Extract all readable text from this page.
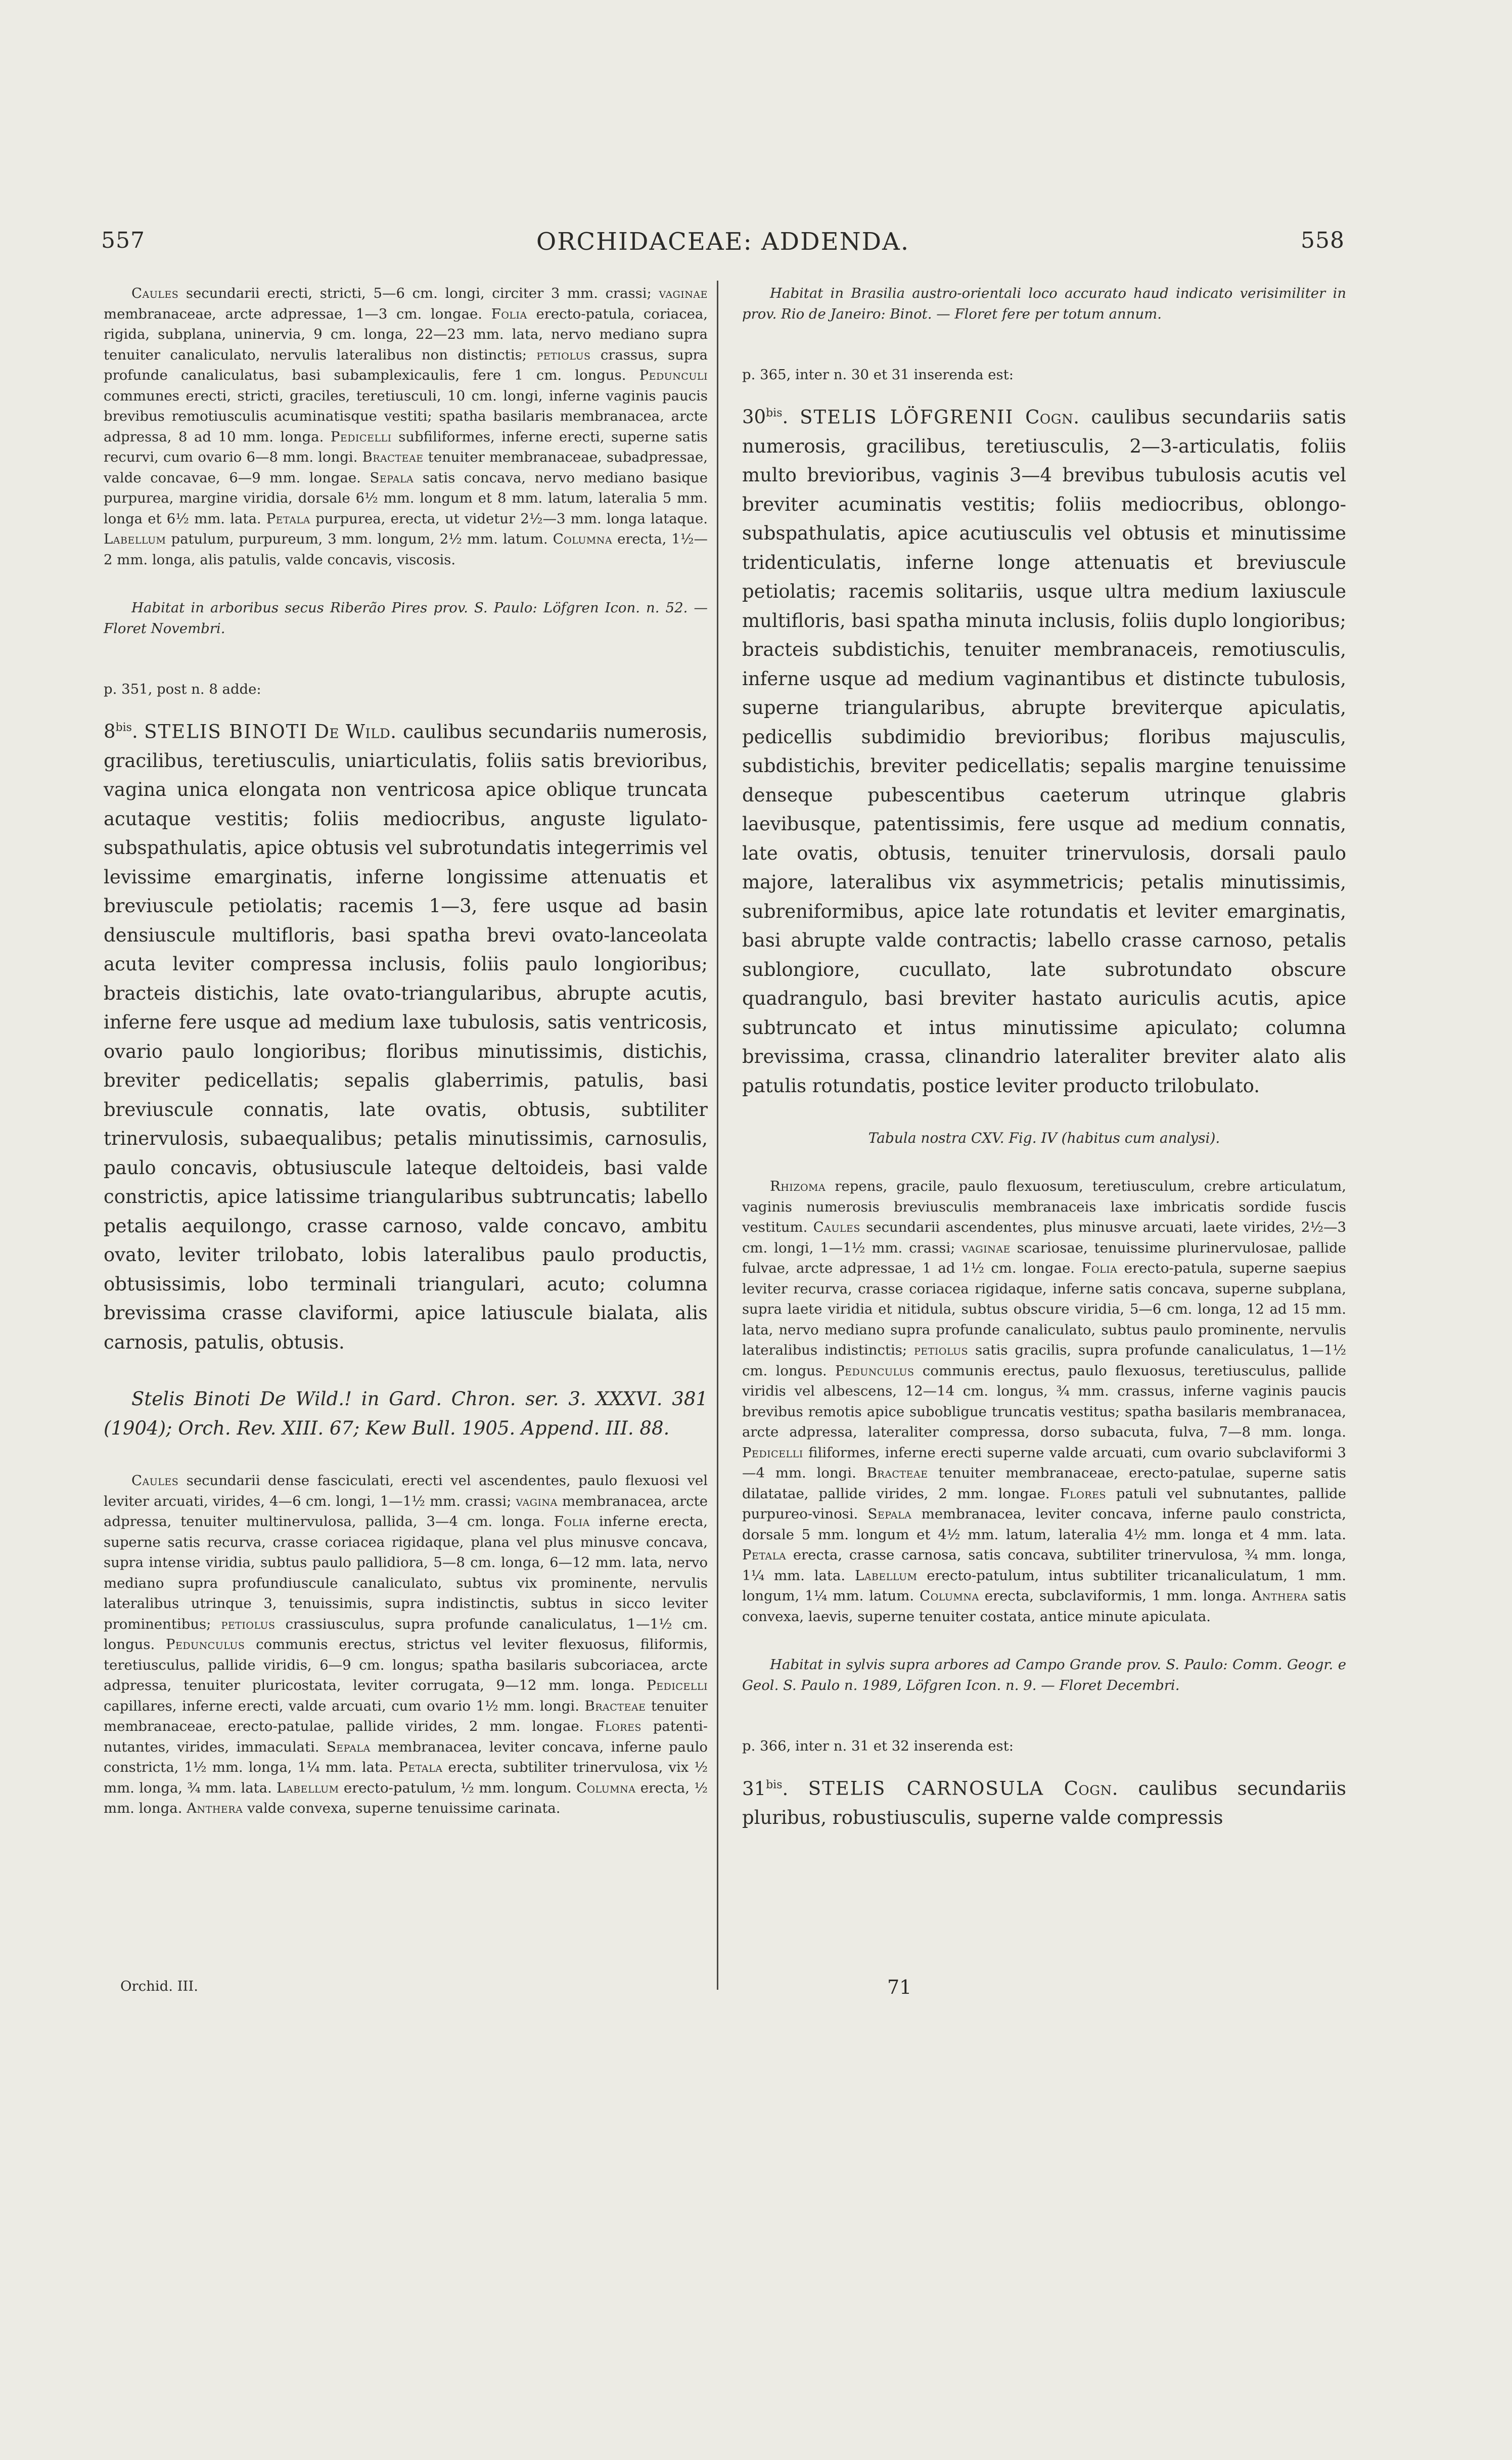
557	ORCHIDACEAE: ADDENDA.	558

Caules secundarii erecti, stricti, 5—6 cm. longi, circiter 3 mm. crassi; vaginae membranaceae, arcte adpressae, 1—3 cm. longae. Folia erecto-patula, coriacea, rigida, subplana, uninervia, 9 cm. longa, 22—23 mm. lata, nervo mediano supra tenuiter canaliculato, nervulis lateralibus non distinctis; petiolus crassus, supra profunde canaliculatus, basi subamplexicaulis, fere 1 cm. longus. Pedunculi communes erecti, stricti, graciles, teretiusculi, 10 cm. longi, inferne vaginis paucis brevibus remotiusculis acuminatisque vestiti; spatha basilaris membranacea, arcte adpressa, 8 ad 10 mm. longa. Pedicelli subfiliformes, inferne erecti, superne satis recurvi, cum ovario 6—8 mm. longi. Bracteae tenuiter membranaceae, subadpressae, valde concavae, 6—9 mm. longae. Sepala satis concava, nervo mediano basique purpurea, margine viridia, dorsale 6½ mm. longum et 8 mm. latum, lateralia 5 mm. longa et 6½ mm. lata. Petala purpurea, erecta, ut videtur 2½—3 mm. longa lataque. Labellum patulum, purpureum, 3 mm. longum, 2½ mm. latum. Columna erecta, 1½—2 mm. longa, alis patulis, valde concavis, viscosis.

Habitat in arboribus secus Riberão Pires prov. S. Paulo: Löfgren Icon. n. 52. — Floret Novembri.

p. 351, post n. 8 adde:

$8^{bis}$. STELIS BINOTI De Wild. caulibus secundariis numerosis, gracilibus, teretiusculis, uniarticulatis, foliis satis brevioribus, vagina unica elongata non ventricosa apice oblique truncata acutaque vestitis; foliis mediocribus, anguste ligulato-subspathulatis, apice obtusis vel subrotundatis integerrimis vel levissime emarginatis, inferne longissime attenuatis et breviuscule petiolatis; racemis 1—3, fere usque ad basin densiuscule multifloris, basi spatha brevi ovato-lanceolata acuta leviter compressa inclusis, foliis paulo longioribus; bracteis distichis, late ovato-triangularibus, abrupte acutis, inferne fere usque ad medium laxe tubulosis, satis ventricosis, ovario paulo longioribus; floribus minutissimis, distichis, breviter pedicellatis; sepalis glaberrimis, patulis, basi breviuscule connatis, late ovatis, obtusis, subtiliter trinervulosis, subaequalibus; petalis minutissimis, carnosulis, paulo concavis, obtusiuscule lateque deltoideis, basi valde constrictis, apice latissime triangularibus subtruncatis; labello petalis aequilongo, crasse carnoso, valde concavo, ambitu ovato, leviter trilobato, lobis lateralibus paulo productis, obtusissimis, lobo terminali triangulari, acuto; columna brevissima crasse claviformi, apice latiuscule bialata, alis carnosis, patulis, obtusis.

Stelis Binoti De Wild.! in Gard. Chron. ser. 3. XXXVI. 381 (1904); Orch. Rev. XIII. 67; Kew Bull. 1905. Append. III. 88.

Caules secundarii dense fasciculati, erecti vel ascendentes, paulo flexuosi vel leviter arcuati, virides, 4—6 cm. longi, 1—1½ mm. crassi; vagina membranacea, arcte adpressa, tenuiter multinervulosa, pallida, 3—4 cm. longa. Folia inferne erecta, superne satis recurva, crasse coriacea rigidaque, plana vel plus minusve concava, supra intense viridia, subtus paulo pallidiora, 5—8 cm. longa, 6—12 mm. lata, nervo mediano supra profundiuscule canaliculato, subtus vix prominente, nervulis lateralibus utrinque 3, tenuissimis, supra indistinctis, subtus in sicco leviter prominentibus; petiolus crassiusculus, supra profunde canaliculatus, 1—1½ cm. longus. Pedunculus communis erectus, strictus vel leviter flexuosus, filiformis, teretiusculus, pallide viridis, 6—9 cm. longus; spatha basilaris subcoriacea, arcte adpressa, tenuiter pluricostata, leviter corrugata, 9—12 mm. longa. Pedicelli capillares, inferne erecti, valde arcuati, cum ovario 1½ mm. longi. Bracteae tenuiter membranaceae, erecto-patulae, pallide virides, 2 mm. longae. Flores patenti-nutantes, virides, immaculati. Sepala membranacea, leviter concava, inferne paulo constricta, 1½ mm. longa, 1¼ mm. lata. Petala erecta, subtiliter trinervulosa, vix ½ mm. longa, ¾ mm. lata. Labellum erecto-patulum, ½ mm. longum. Columna erecta, ½ mm. longa. Anthera valde convexa, superne tenuissime carinata.

Habitat in Brasilia austro-orientali loco accurato haud indicato verisimiliter in prov. Rio de Janeiro: Binot. — Floret fere per totum annum.

p. 365, inter n. 30 et 31 inserenda est:

$30^{bis}$. STELIS LÖFGRENII Cogn. caulibus secundariis satis numerosis, gracilibus, teretiusculis, 2—3-articulatis, foliis multo brevioribus, vaginis 3—4 brevibus tubulosis acutis vel breviter acuminatis vestitis; foliis mediocribus, oblongo-subspathulatis, apice acutiusculis vel obtusis et minutissime tridenticulatis, inferne longe attenuatis et breviuscule petiolatis; racemis solitariis, usque ultra medium laxiuscule multifloris, basi spatha minuta inclusis, foliis duplo longioribus; bracteis subdistichis, tenuiter membranaceis, remotiusculis, inferne usque ad medium vaginantibus et distincte tubulosis, superne triangularibus, abrupte breviterque apiculatis, pedicellis subdimidio brevioribus; floribus majusculis, subdistichis, breviter pedicellatis; sepalis margine tenuissime denseque pubescentibus caeterum utrinque glabris laevibusque, patentissimis, fere usque ad medium connatis, late ovatis, obtusis, tenuiter trinervulosis, dorsali paulo majore, lateralibus vix asymmetricis; petalis minutissimis, subreniformibus, apice late rotundatis et leviter emarginatis, basi abrupte valde contractis; labello crasse carnoso, petalis sublongiore, cucullato, late subrotundato obscure quadrangulo, basi breviter hastato auriculis acutis, apice subtruncato et intus minutissime apiculato; columna brevissima, crassa, clinandrio lateraliter breviter alato alis patulis rotundatis, postice leviter producto trilobulato.

Tabula nostra CXV. Fig. IV (habitus cum analysi).

Rhizoma repens, gracile, paulo flexuosum, teretiusculum, crebre articulatum, vaginis numerosis breviusculis membranaceis laxe imbricatis sordide fuscis vestitum. Caules secundarii ascendentes, plus minusve arcuati, laete virides, 2½—3 cm. longi, 1—1½ mm. crassi; vaginae scariosae, tenuissime plurinervulosae, pallide fulvae, arcte adpressae, 1 ad 1½ cm. longae. Folia erecto-patula, superne saepius leviter recurva, crasse coriacea rigidaque, inferne satis concava, superne subplana, supra laete viridia et nitidula, subtus obscure viridia, 5—6 cm. longa, 12 ad 15 mm. lata, nervo mediano supra profunde canaliculato, subtus paulo prominente, nervulis lateralibus indistinctis; petiolus satis gracilis, supra profunde canaliculatus, 1—1½ cm. longus. Pedunculus communis erectus, paulo flexuosus, teretiusculus, pallide viridis vel albescens, 12—14 cm. longus, ¾ mm. crassus, inferne vaginis paucis brevibus remotis apice subobligue truncatis vestitus; spatha basilaris membranacea, arcte adpressa, lateraliter compressa, dorso subacuta, fulva, 7—8 mm. longa. Pedicelli filiformes, inferne erecti superne valde arcuati, cum ovario subclaviformi 3—4 mm. longi. Bracteae tenuiter membranaceae, erecto-patulae, superne satis dilatatae, pallide virides, 2 mm. longae. Flores patuli vel subnutantes, pallide purpureo-vinosi. Sepala membranacea, leviter concava, inferne paulo constricta, dorsale 5 mm. longum et 4½ mm. latum, lateralia 4½ mm. longa et 4 mm. lata. Petala erecta, crasse carnosa, satis concava, subtiliter trinervulosa, ¾ mm. longa, 1¼ mm. lata. Labellum erecto-patulum, intus subtiliter tricanaliculatum, 1 mm. longum, 1¼ mm. latum. Columna erecta, subclaviformis, 1 mm. longa. Anthera satis convexa, laevis, superne tenuiter costata, antice minute apiculata.

Habitat in sylvis supra arbores ad Campo Grande prov. S. Paulo: Comm. Geogr. e Geol. S. Paulo n. 1989, Löfgren Icon. n. 9. — Floret Decembri.

p. 366, inter n. 31 et 32 inserenda est:

$31^{bis}$. STELIS CARNOSULA Cogn. caulibus secundariis pluribus, robustiusculis, superne valde compressis

Orchid. III.	71
